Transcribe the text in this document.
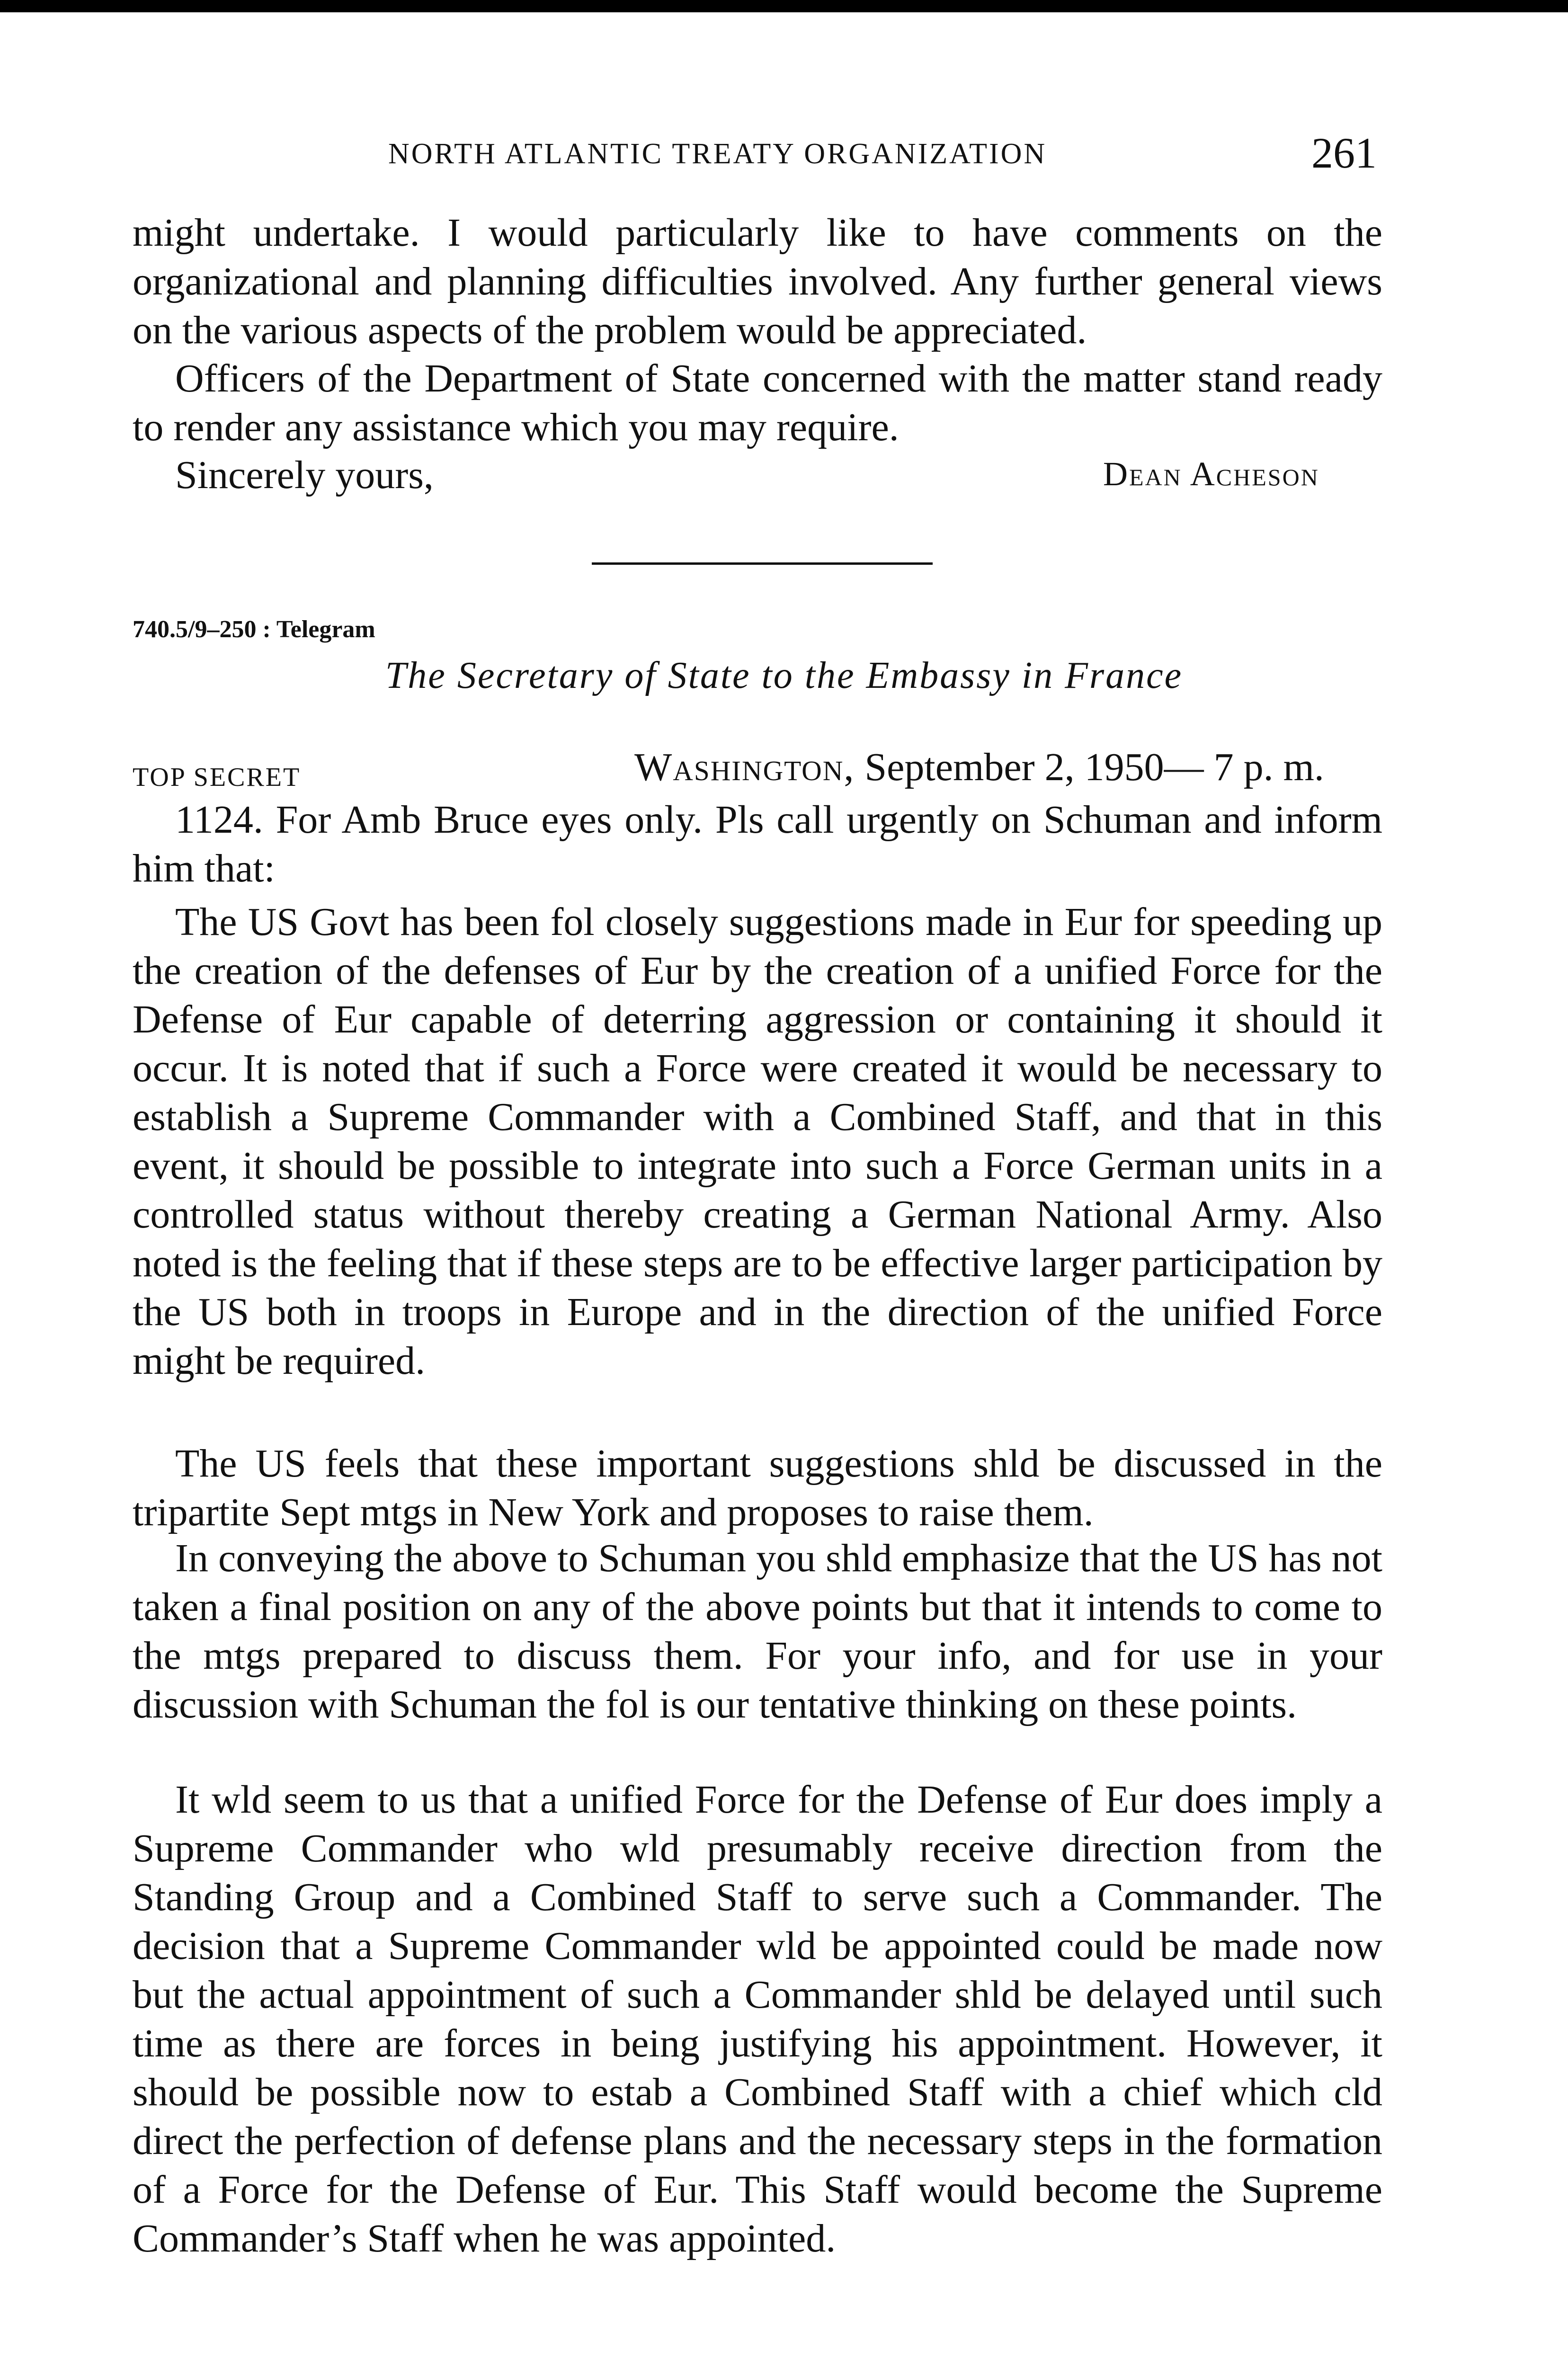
NORTH ATLANTIC TREATY ORGANIZATION	261

might undertake. I would particularly like to have comments on the organizational and planning difficulties involved. Any further general views on the various aspects of the problem would be appreciated.

Officers of the Department of State concerned with the matter stand ready to render any assistance which you may require.

Sincerely yours,	Dean Acheson
740.5/9–250 : Telegram
The Secretary of State to the Embassy in France
TOP SECRET	Washington, September 2, 1950— 7 p. m.

1124. For Amb Bruce eyes only. Pls call urgently on Schuman and inform him that:

The US Govt has been fol closely suggestions made in Eur for speeding up the creation of the defenses of Eur by the creation of a unified Force for the Defense of Eur capable of deterring aggression or containing it should it occur. It is noted that if such a Force were created it would be necessary to establish a Supreme Commander with a Combined Staff, and that in this event, it should be possible to integrate into such a Force German units in a controlled status without thereby creating a German National Army. Also noted is the feeling that if these steps are to be effective larger participation by the US both in troops in Europe and in the direction of the unified Force might be required.

The US feels that these important suggestions shld be discussed in the tripartite Sept mtgs in New York and proposes to raise them.

In conveying the above to Schuman you shld emphasize that the US has not taken a final position on any of the above points but that it intends to come to the mtgs prepared to discuss them. For your info, and for use in your discussion with Schuman the fol is our tentative thinking on these points.

It wld seem to us that a unified Force for the Defense of Eur does imply a Supreme Commander who wld presumably receive direction from the Standing Group and a Combined Staff to serve such a Commander. The decision that a Supreme Commander wld be appointed could be made now but the actual appointment of such a Commander shld be delayed until such time as there are forces in being justifying his appointment. However, it should be possible now to estab a Combined Staff with a chief which cld direct the perfection of defense plans and the necessary steps in the formation of a Force for the Defense of Eur. This Staff would become the Supreme Commander’s Staff when he was appointed.
